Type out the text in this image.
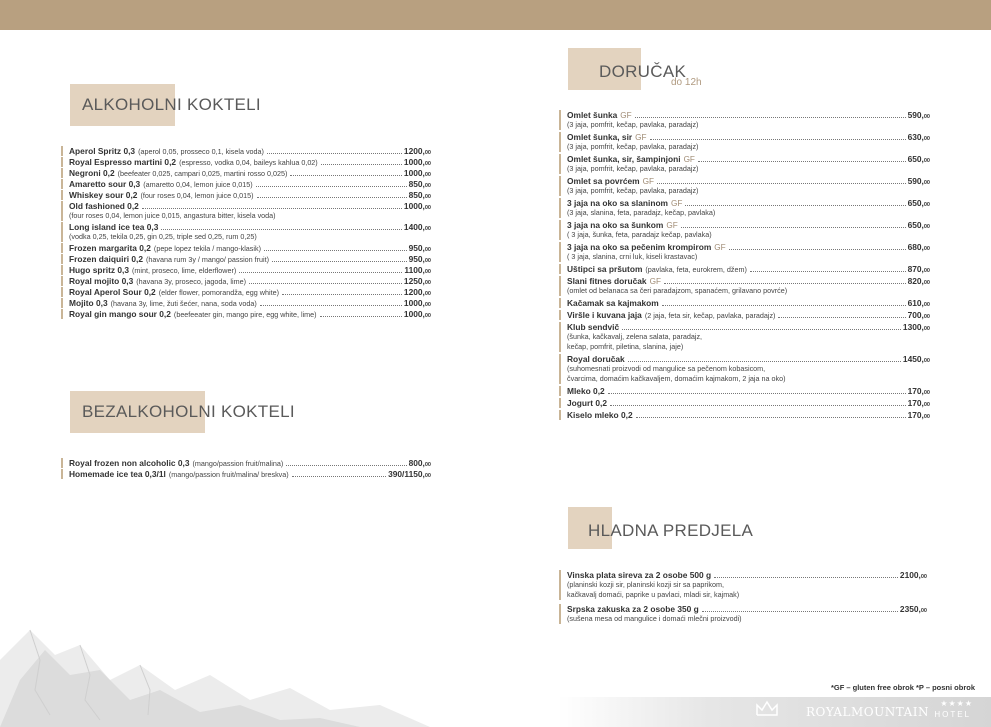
ALKOHOLNI KOKTELI
Aperol Spritz 0,3 (aperol 0,05, prosseco 0,1, kisela voda)	1200,00
Royal Espresso martini 0,2 (espresso, vodka 0,04, baileys kahlua 0,02)	1000,00
Negroni 0,2 (beefeater 0,025, campari 0,025, martini rosso 0,025)	1000,00
Amaretto sour 0,3 (amaretto 0,04, lemon juice 0,015)	850,00
Whiskey sour 0,2 (four roses 0,04, lemon juice 0,015)	850,00
Old fashioned 0,2	1000,00
(four roses 0,04, lemon juice 0,015, angastura bitter, kisela voda)
Long island ice tea 0,3	1400,00
(vodka 0,25, tekila 0,25, gin 0,25, triple sed 0,25, rum 0,25)
Frozen margarita 0,2 (pepe lopez tekila / mango-klasik)	950,00
Frozen daiquiri 0,2 (havana rum 3y / mango/ passion fruit)	950,00
Hugo spritz 0,3 (mint, proseco, lime, elderflower)	1100,00
Royal mojito 0,3 (havana 3y, proseco, jagoda, lime)	1250,00
Royal Aperol Sour 0,2 (elder flower, pomorandža, egg white)	1200,00
Mojito 0,3 (havana 3y, lime, žuti šećer, nana, soda voda)	1000,00
Royal gin mango sour 0,2 (beefeeater gin, mango pire, egg white, lime)	1000,00
BEZALKOHOLNI KOKTELI
Royal frozen non alcoholic 0,3 (mango/passion fruit/malina)	800,00
Homemade ice tea 0,3/1l (mango/passion fruit/malina/ breskva)	390/1150,00
DORUČAK
do 12h
Omlet šunka GF	590,00
(3 jaja, pomfrit, kečap, pavlaka, paradajz)
Omlet šunka, sir GF	630,00
(3 jaja, pomfrit, kečap, pavlaka, paradajz)
Omlet šunka, sir, šampinjoni GF	650,00
(3 jaja, pomfrit, kečap, pavlaka, paradajz)
Omlet sa povrćem GF	590,00
(3 jaja, pomfrit, kečap, pavlaka, paradajz)
3 jaja na oko sa slaninom GF	650,00
(3 jaja, slanina, feta, paradajz, kečap, pavlaka)
3 jaja na oko sa šunkom GF	650,00
( 3 jaja, šunka, feta, paradajz kečap, pavlaka)
3 jaja na oko sa pečenim krompirom GF	680,00
( 3 jaja, slanina, crni luk, kiseli krastavac)
Uštipci sa pršutom (pavlaka, feta, eurokrem, džem)	870,00
Slani fitnes doručak GF	820,00
(omlet od belanaca sa čeri paradajzom, spanaćem, grilavano povrće)
Kačamak sa kajmakom	610,00
Viršle i kuvana jaja (2 jaja, feta sir, kečap, pavlaka, paradajz)	700,00
Klub sendvič	1300,00
(šunka, kačkavalj, zelena salata, paradajz,
kečap, pomfrit, piletina, slanina, jaje)
Royal doručak	1450,00
(suhomesnati proizvodi od mangulice sa pečenom kobasicom,
čvarcima, domaćim kačkavaljem, domaćim kajmakom, 2 jaja na oko)
Mleko 0,2	170,00
Jogurt 0,2	170,00
Kiselo mleko 0,2	170,00
HLADNA PREDJELA
Vinska plata sireva za 2 osobe 500 g	2100,00
(planinski kozji sir, planinski kozji sir sa paprikom,
kačkavalj domaći, paprike u pavlaci, mladi sir, kajmak)
Srpska zakuska za 2 osobe 350 g	2350,00
(sušena mesa od mangulice i domaći mlečni proizvodi)
*GF – gluten free obrok *P – posni obrok
ROYALMOUNTAIN
★★★★
HOTEL
